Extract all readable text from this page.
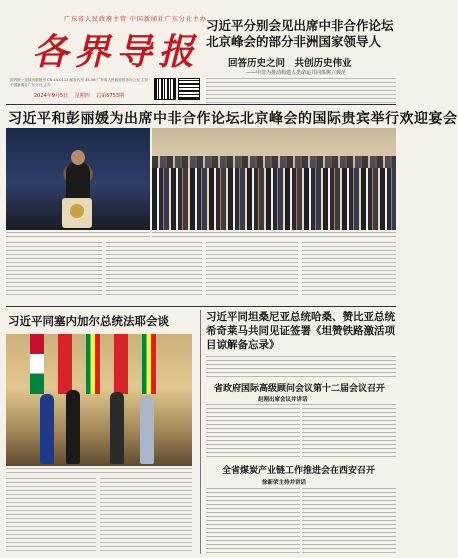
广东省人民政府主管 中国新闻社广东分社主办
各界导报
国内统一连续出版物号 CN 44-0112 邮发代号 45-56 广东省人民政府侨务办公室 主管 中国新闻社广东分社 主办
2024年9月5日 星期四 总第5753期
习近平分别会见出席中非合作论坛北京峰会的部分非洲国家领导人
回答历史之问　共创历史伟业
——中非为推动构建人类命运共同体树立典范
习近平和彭丽媛为出席中非合作论坛北京峰会的国际贵宾举行欢迎宴会
习近平同塞内加尔总统法耶会谈	习近平同坦桑尼亚总统哈桑、赞比亚总统希奇莱马共同见证签署《坦赞铁路激活项目谅解备忘录》
省政府国际高级顾问会议第十二届会议召开
赵刚出席会议并讲话
全省煤炭产业链工作推进会在西安召开
徐新荣主持并讲话
